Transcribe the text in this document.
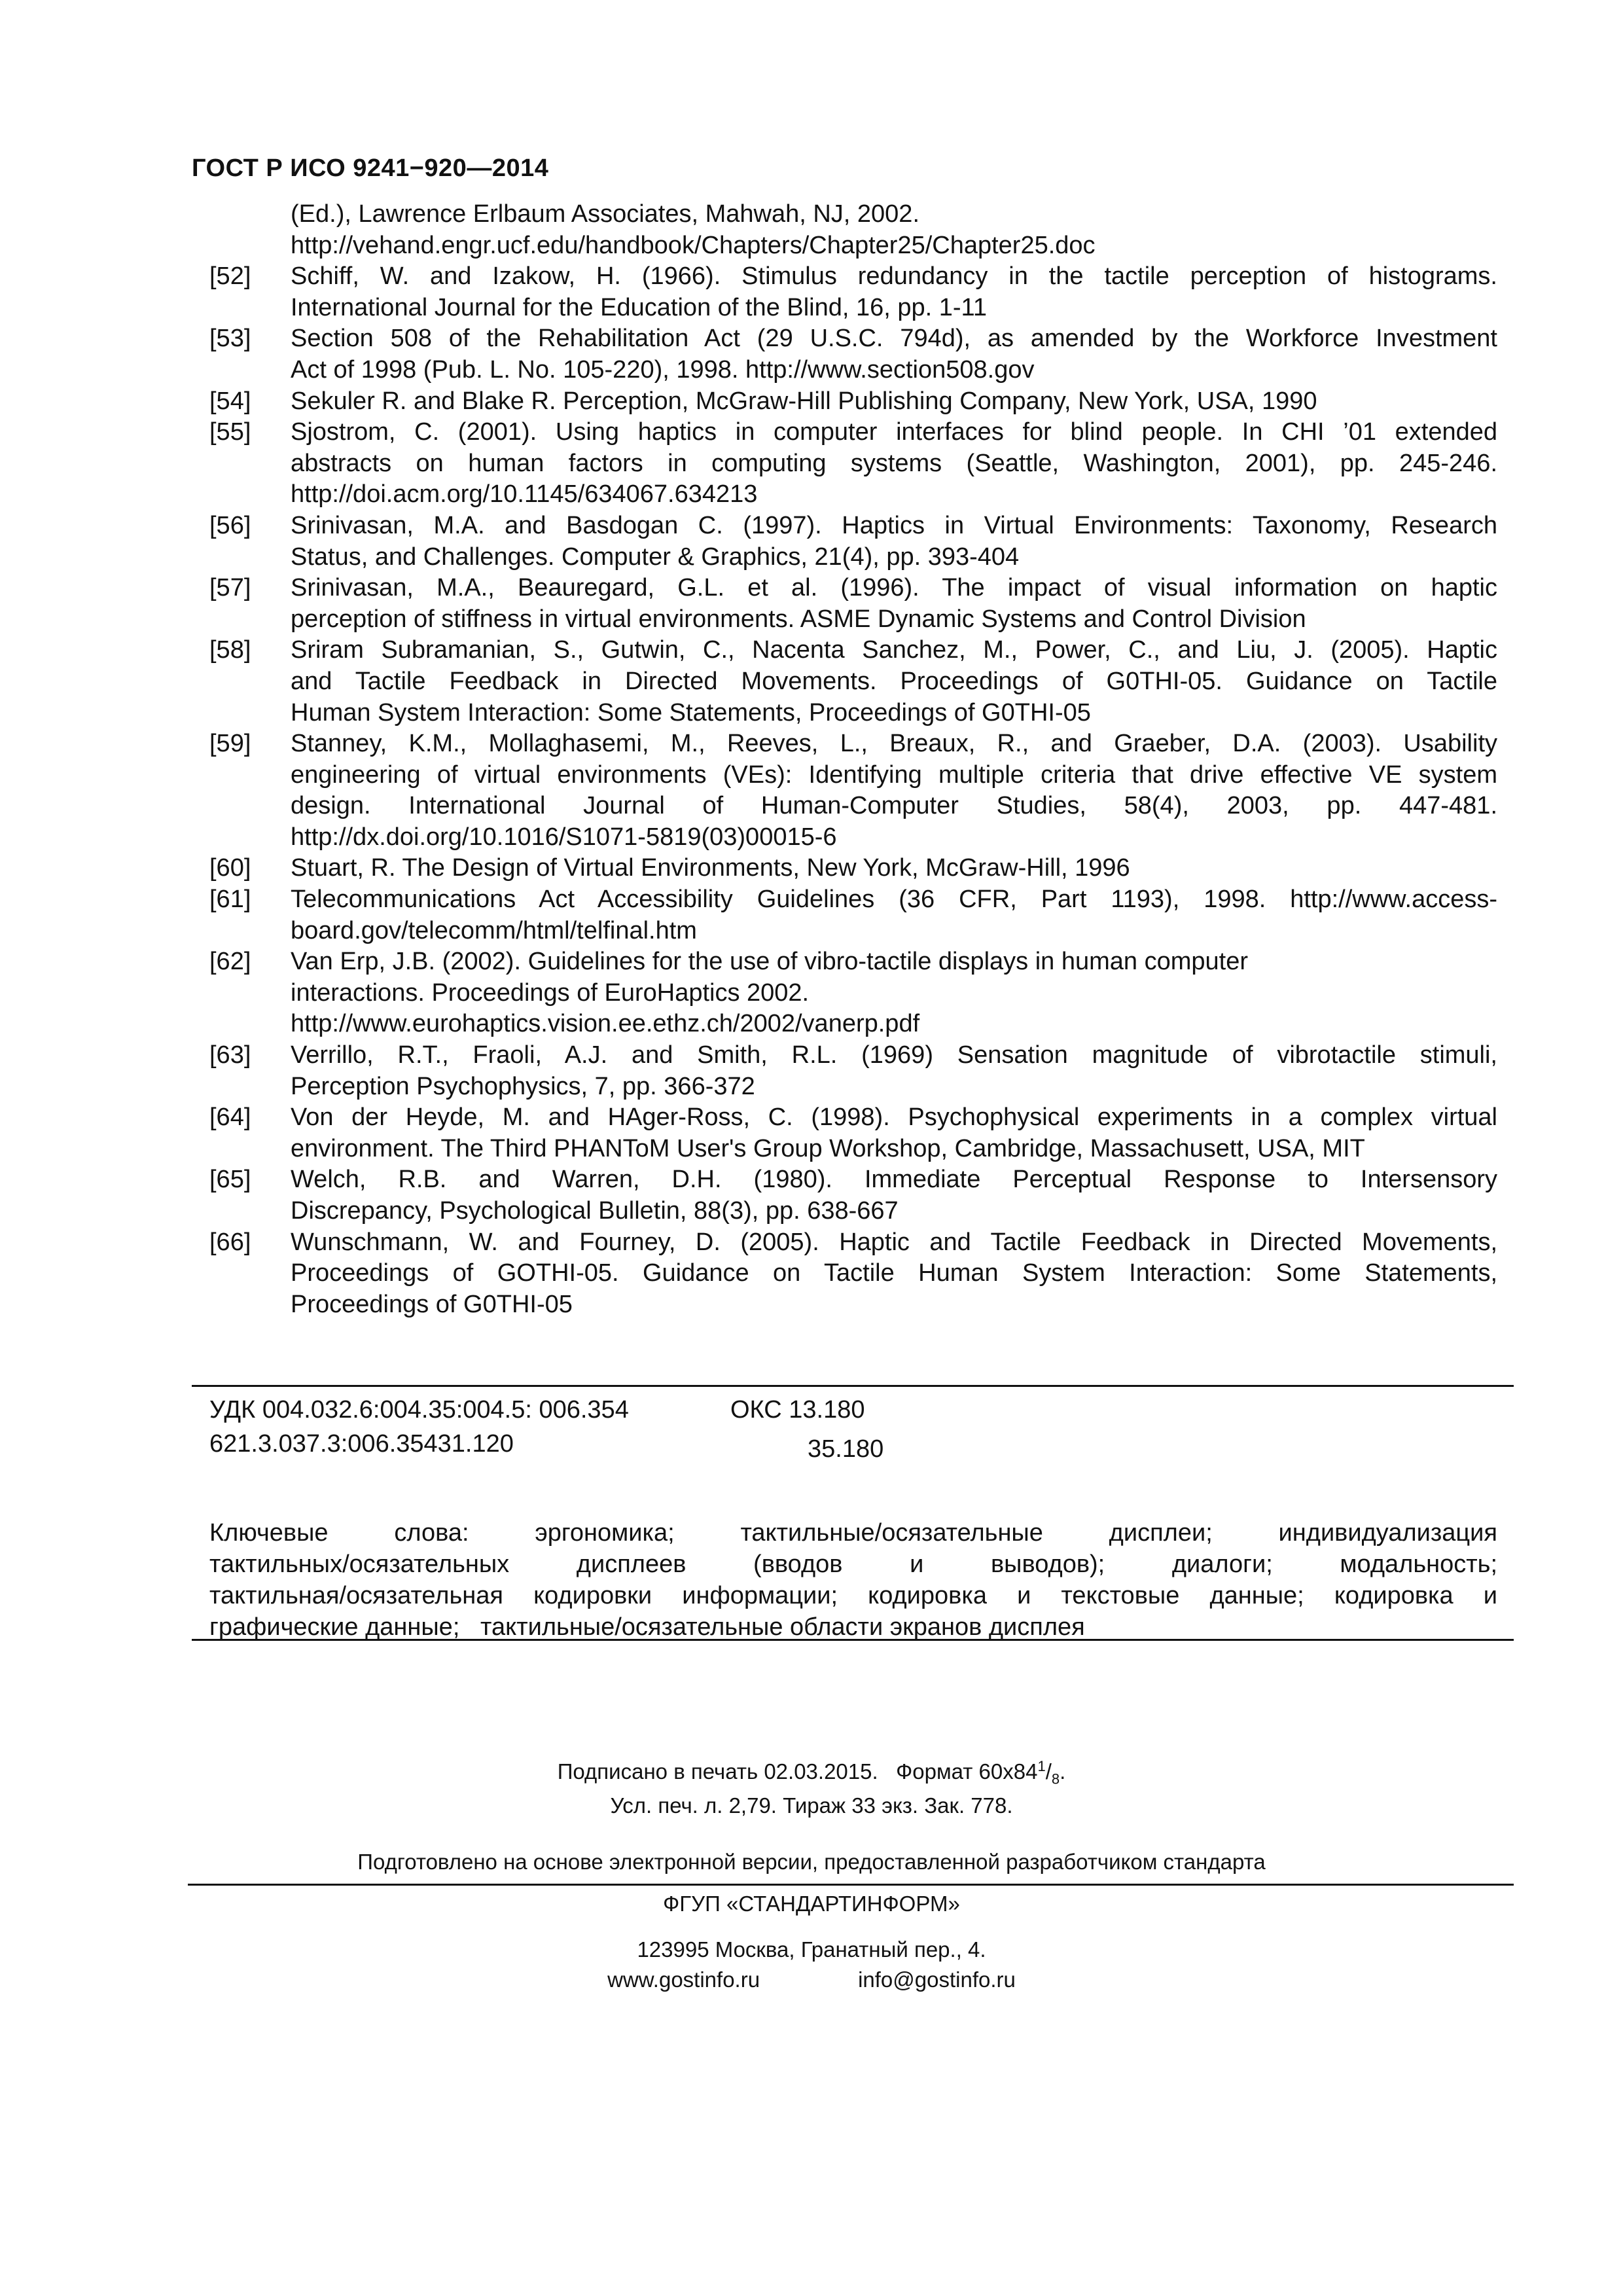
ГОСТ Р ИСО 9241−920—2014
(Ed.), Lawrence Erlbaum Associates, Mahwah, NJ, 2002.
http://vehand.engr.ucf.edu/handbook/Chapters/Chapter25/Chapter25.doc
[52]	Schiff, W. and Izakow, H. (1966). Stimulus redundancy in the tactile perception of histograms.
International Journal for the Education of the Blind, 16, pp. 1-11
[53]	Section 508 of the Rehabilitation Act (29 U.S.C. 794d), as amended by the Workforce Investment
Act of 1998 (Pub. L. No. 105-220), 1998. http://www.section508.gov
[54]	Sekuler R. and Blake R. Perception, McGraw-Hill Publishing Company, New York, USA, 1990
[55]	Sjostrom, C. (2001). Using haptics in computer interfaces for blind people. In CHI ’01 extended
abstracts on human factors in computing systems (Seattle, Washington, 2001), pp. 245-246.
http://doi.acm.org/10.1145/634067.634213
[56]	Srinivasan, M.A. and Basdogan C. (1997). Haptics in Virtual Environments: Taxonomy, Research
Status, and Challenges. Computer & Graphics, 21(4), pp. 393-404
[57]	Srinivasan, M.A., Beauregard, G.L. et al. (1996). The impact of visual information on haptic
perception of stiffness in virtual environments. ASME Dynamic Systems and Control Division
[58]	Sriram Subramanian, S., Gutwin, C., Nacenta Sanchez, M., Power, C., and Liu, J. (2005). Haptic
and Tactile Feedback in Directed Movements. Proceedings of G0THI-05. Guidance on Tactile
Human System Interaction: Some Statements, Proceedings of G0THI-05
[59]	Stanney, K.M., Mollaghasemi, M., Reeves, L., Breaux, R., and Graeber, D.A. (2003). Usability
engineering of virtual environments (VEs): Identifying multiple criteria that drive effective VE system
design. International Journal of Human-Computer Studies, 58(4), 2003, pp. 447-481.
http://dx.doi.org/10.1016/S1071-5819(03)00015-6
[60]	Stuart, R. The Design of Virtual Environments, New York, McGraw-Hill, 1996
[61]	Telecommunications Act Accessibility Guidelines (36 CFR, Part 1193), 1998. http://www.access-
board.gov/telecomm/html/telfinal.htm
[62]	Van Erp, J.B. (2002). Guidelines for the use of vibro-tactile displays in human computer
interactions. Proceedings of EuroHaptics 2002.
http://www.eurohaptics.vision.ee.ethz.ch/2002/vanerp.pdf
[63]	Verrillo, R.T., Fraoli, A.J. and Smith, R.L. (1969) Sensation magnitude of vibrotactile stimuli,
Perception Psychophysics, 7, pp. 366-372
[64]	Von der Heyde, M. and HAger-Ross, C. (1998). Psychophysical experiments in a complex virtual
environment. The Third PHANToM User's Group Workshop, Cambridge, Massachusett, USA, MIT
[65]	Welch, R.B. and Warren, D.H. (1980). Immediate Perceptual Response to Intersensory
Discrepancy, Psychological Bulletin, 88(3), pp. 638-667
[66]	Wunschmann, W. and Fourney, D. (2005). Haptic and Tactile Feedback in Directed Movements,
Proceedings of GOTHI-05. Guidance on Tactile Human System Interaction: Some Statements,
Proceedings of G0THI-05
УДК 004.032.6:004.35:004.5: 006.354
621.3.037.3:006.35431.120
ОКС 13.180
35.180
Ключевые слова: эргономика; тактильные/осязательные дисплеи; индивидуализация
тактильных/осязательных дисплеев (вводов и выводов); диалоги; модальность;
тактильная/осязательная кодировки информации; кодировка и текстовые данные; кодировка и
графические данные;   тактильные/осязательные области экранов дисплея
Подписано в печать 02.03.2015.   Формат $60x84^1/_8$.
Усл. печ. л. 2,79. Тираж 33 экз. Зак. 778.
Подготовлено на основе электронной версии, предоставленной разработчиком стандарта
ФГУП «СТАНДАРТИНФОРМ»
123995 Москва, Гранатный пер., 4.
www.gostinfo.ru	info@gostinfo.ru
